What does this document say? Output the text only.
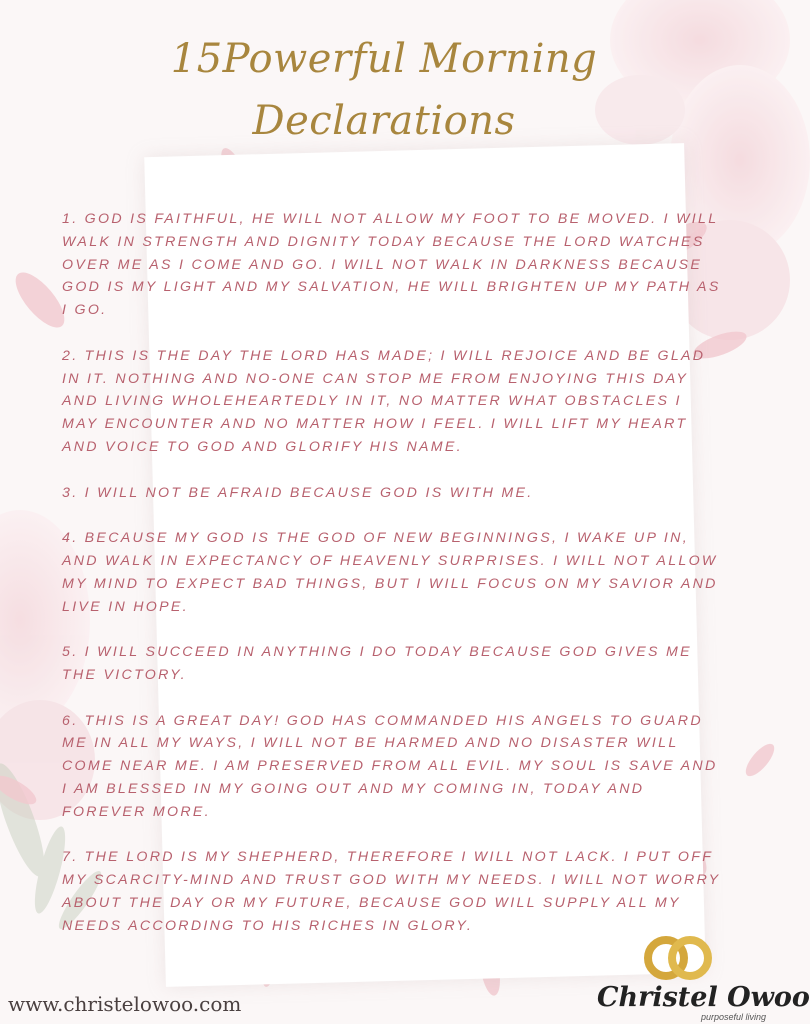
15Powerful Morning
Declarations

1. GOD IS FAITHFUL, HE WILL NOT ALLOW MY FOOT TO BE MOVED. I WILL WALK IN STRENGTH AND DIGNITY TODAY BECAUSE THE LORD WATCHES OVER ME AS I COME AND GO. I WILL NOT WALK IN DARKNESS BECAUSE GOD IS MY LIGHT AND MY SALVATION, HE WILL BRIGHTEN UP MY PATH AS I GO.

2. THIS IS THE DAY THE LORD HAS MADE; I WILL REJOICE AND BE GLAD IN IT. NOTHING AND NO-ONE CAN STOP ME FROM ENJOYING THIS DAY AND LIVING WHOLEHEARTEDLY IN IT, NO MATTER WHAT OBSTACLES I MAY ENCOUNTER AND NO MATTER HOW I FEEL. I WILL LIFT MY HEART AND VOICE TO GOD AND GLORIFY HIS NAME.

3. I WILL NOT BE AFRAID BECAUSE GOD IS WITH ME.

4. BECAUSE MY GOD IS THE GOD OF NEW BEGINNINGS, I WAKE UP IN, AND WALK IN EXPECTANCY OF HEAVENLY SURPRISES. I WILL NOT ALLOW MY MIND TO EXPECT BAD THINGS, BUT I WILL FOCUS ON MY SAVIOR AND LIVE IN HOPE.

5. I WILL SUCCEED IN ANYTHING I DO TODAY BECAUSE GOD GIVES ME THE VICTORY.

6. THIS IS A GREAT DAY! GOD HAS COMMANDED HIS ANGELS TO GUARD ME IN ALL MY WAYS, I WILL NOT BE HARMED AND NO DISASTER WILL COME NEAR ME. I AM PRESERVED FROM ALL EVIL. MY SOUL IS SAVE AND I AM BLESSED IN MY GOING OUT AND MY COMING IN, TODAY AND FOREVER MORE.

7. THE LORD IS MY SHEPHERD, THEREFORE I WILL NOT LACK. I PUT OFF MY SCARCITY-MIND AND TRUST GOD WITH MY NEEDS. I WILL NOT WORRY ABOUT THE DAY OR MY FUTURE, BECAUSE GOD WILL SUPPLY ALL MY NEEDS ACCORDING TO HIS RICHES IN GLORY.

www.christelowoo.com	Christel Owoo
purposeful living
